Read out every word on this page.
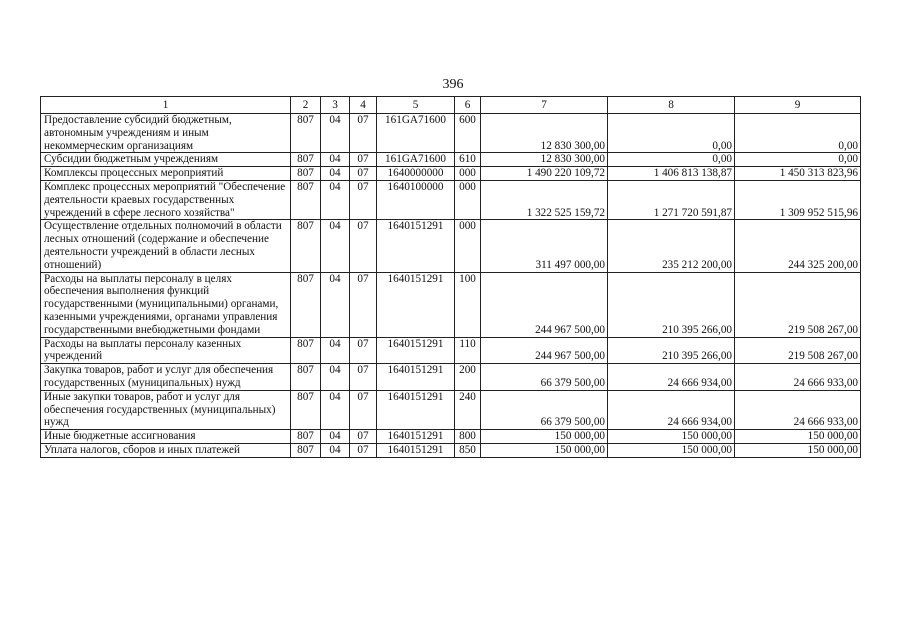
396
1	2	3	4	5	6	7	8	9
Предоставление субсидий бюджетным, автономным учреждениям и иным некоммерческим организациям	807	04	07	161GA71600	600	12 830 300,00	0,00	0,00
Субсидии бюджетным учреждениям	807	04	07	161GA71600	610	12 830 300,00	0,00	0,00
Комплексы процессных мероприятий	807	04	07	1640000000	000	1 490 220 109,72	1 406 813 138,87	1 450 313 823,96
Комплекс процессных мероприятий "Обеспечение деятельности краевых государственных учреждений в сфере лесного хозяйства"	807	04	07	1640100000	000	1 322 525 159,72	1 271 720 591,87	1 309 952 515,96
Осуществление отдельных полномочий в области лесных отношений (содержание и обеспечение деятельности учреждений в области лесных отношений)	807	04	07	1640151291	000	311 497 000,00	235 212 200,00	244 325 200,00
Расходы на выплаты персоналу в целях обеспечения выполнения функций государственными (муниципальными) органами, казенными учреждениями, органами управления государственными внебюджетными фондами	807	04	07	1640151291	100	244 967 500,00	210 395 266,00	219 508 267,00
Расходы на выплаты персоналу казенных учреждений	807	04	07	1640151291	110	244 967 500,00	210 395 266,00	219 508 267,00
Закупка товаров, работ и услуг для обеспечения государственных (муниципальных) нужд	807	04	07	1640151291	200	66 379 500,00	24 666 934,00	24 666 933,00
Иные закупки товаров, работ и услуг для обеспечения государственных (муниципальных) нужд	807	04	07	1640151291	240	66 379 500,00	24 666 934,00	24 666 933,00
Иные бюджетные ассигнования	807	04	07	1640151291	800	150 000,00	150 000,00	150 000,00
Уплата налогов, сборов и иных платежей	807	04	07	1640151291	850	150 000,00	150 000,00	150 000,00
